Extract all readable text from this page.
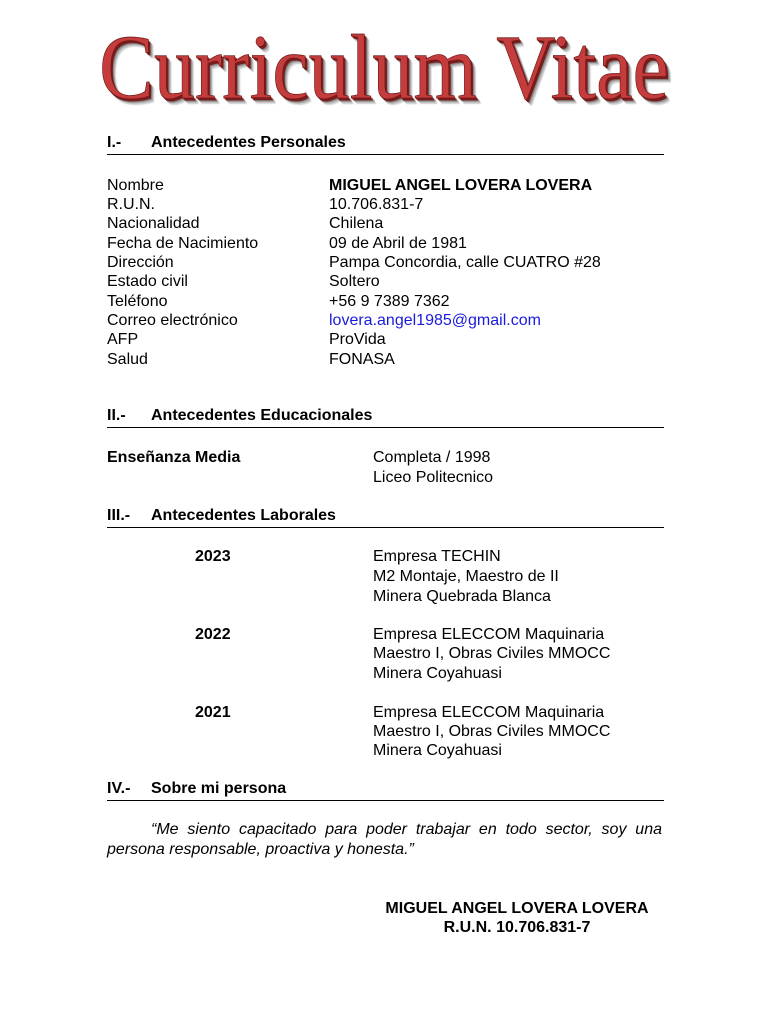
Curriculum Vitae
I.- Antecedentes Personales
Nombre	MIGUEL ANGEL LOVERA LOVERA
R.U.N.	10.706.831-7
Nacionalidad	Chilena
Fecha de Nacimiento	09 de Abril de 1981
Dirección	Pampa Concordia, calle CUATRO #28
Estado civil	Soltero
Teléfono	+56 9 7389 7362
Correo electrónico	lovera.angel1985@gmail.com
AFP	ProVida
Salud	FONASA
II.- Antecedentes Educacionales
Enseñanza Media	Completa / 1998
Liceo Politecnico
III.- Antecedentes Laborales
2023	Empresa TECHIN
M2 Montaje, Maestro de II
Minera Quebrada Blanca
2022	Empresa ELECCOM Maquinaria
Maestro I, Obras Civiles MMOCC
Minera Coyahuasi
2021	Empresa ELECCOM Maquinaria
Maestro I, Obras Civiles MMOCC
Minera Coyahuasi
IV.- Sobre mi persona
“Me siento capacitado para poder trabajar en todo sector, soy una persona responsable, proactiva y honesta.”
MIGUEL ANGEL LOVERA LOVERA
R.U.N. 10.706.831-7
